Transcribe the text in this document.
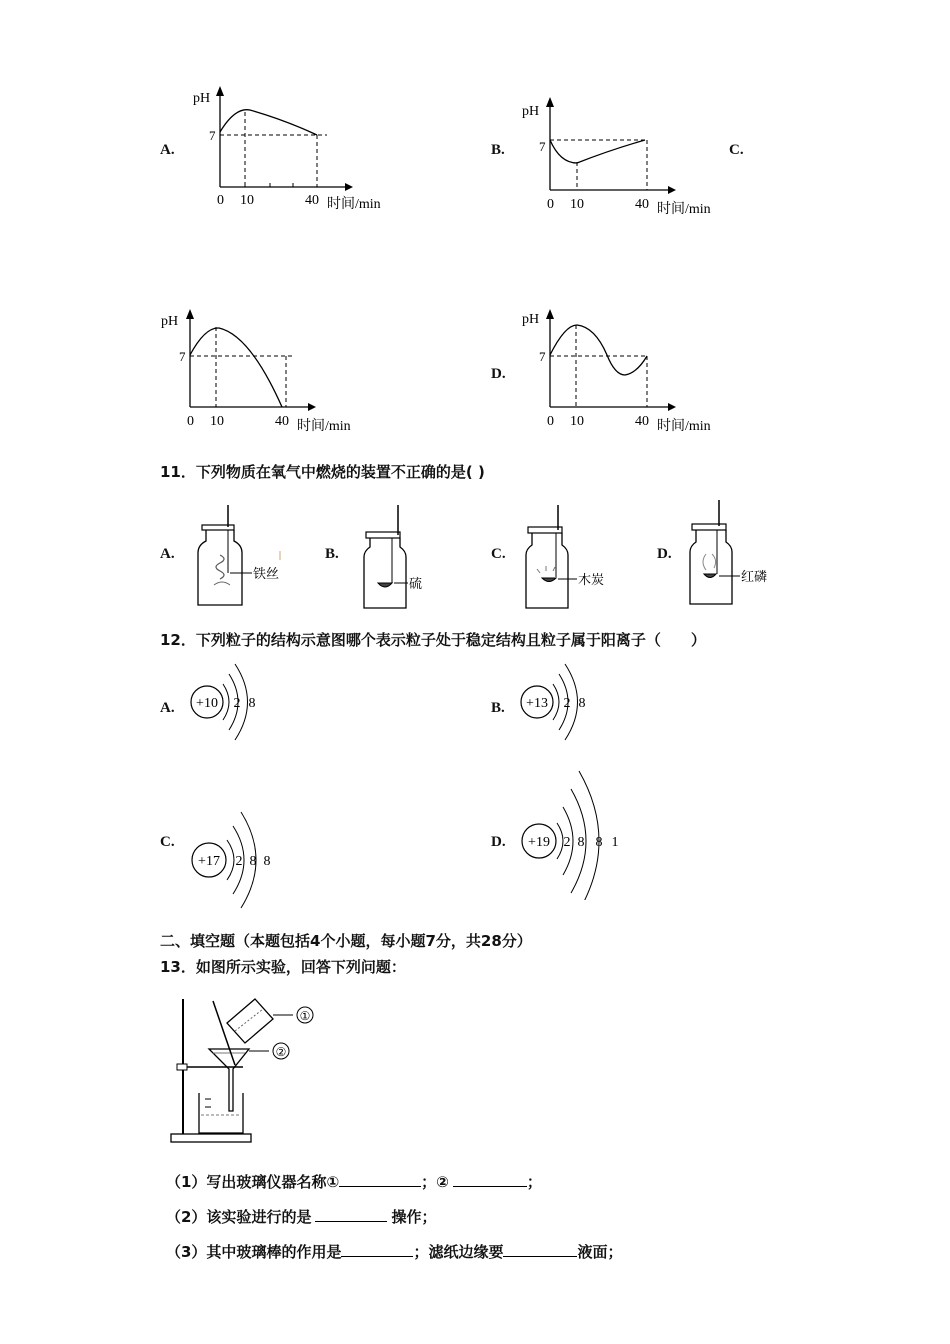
A.	B.	C.
D.
pH
7
0 10	40 时间/min
pH
7
0 10	40 时间/min
pH
7
0 10	40 时间/min
pH
7
0 10	40 时间/min
11．下列物质在氧气中燃烧的装置不正确的是( )
A.	B.	C.	D.
铁丝
硫	木炭	红磷
12．下列粒子的结构示意图哪个表示粒子处于稳定结构且粒子属于阳离子（　　）
A.	B.
C.	D.
+10 2 8	+13 2 8
+17 2 8 8
+19 2 8 8 1
二、填空题（本题包括4个小题，每小题7分，共28分）
13．如图所示实验，回答下列问题：
①
②
（1）写出玻璃仪器名称①	；②	；
（2）该实验进行的是	操作；
（3）其中玻璃棒的作用是	；滤纸边缘要	液面；
